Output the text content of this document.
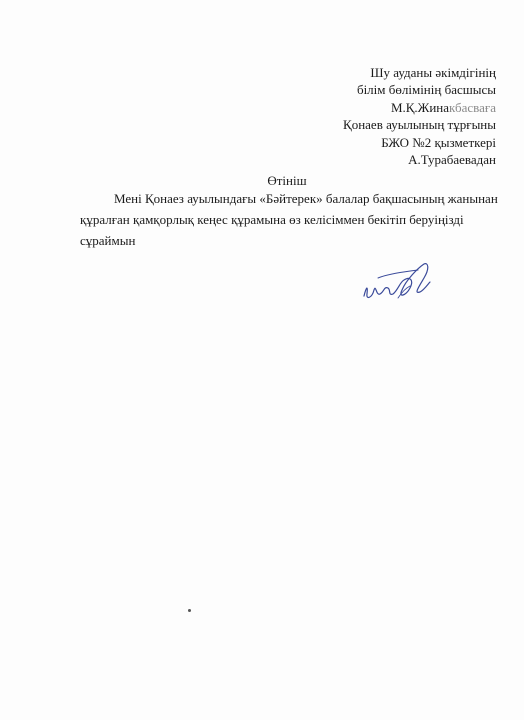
Шу ауданы әкімдігінің
білім бөлімінің басшысы
М.Қ.Жинакбасваға
Қонаев ауылының тұрғыны
БЖО №2 қызметкері
А.Турабаевадан
Өтініш
Мені Қонаез ауылындағы «Бәйтерек» балалар бақшасының жанынан
құралған қамқорлық кеңес құрамына өз келісіммен бекітіп беруіңізді
сұраймын
